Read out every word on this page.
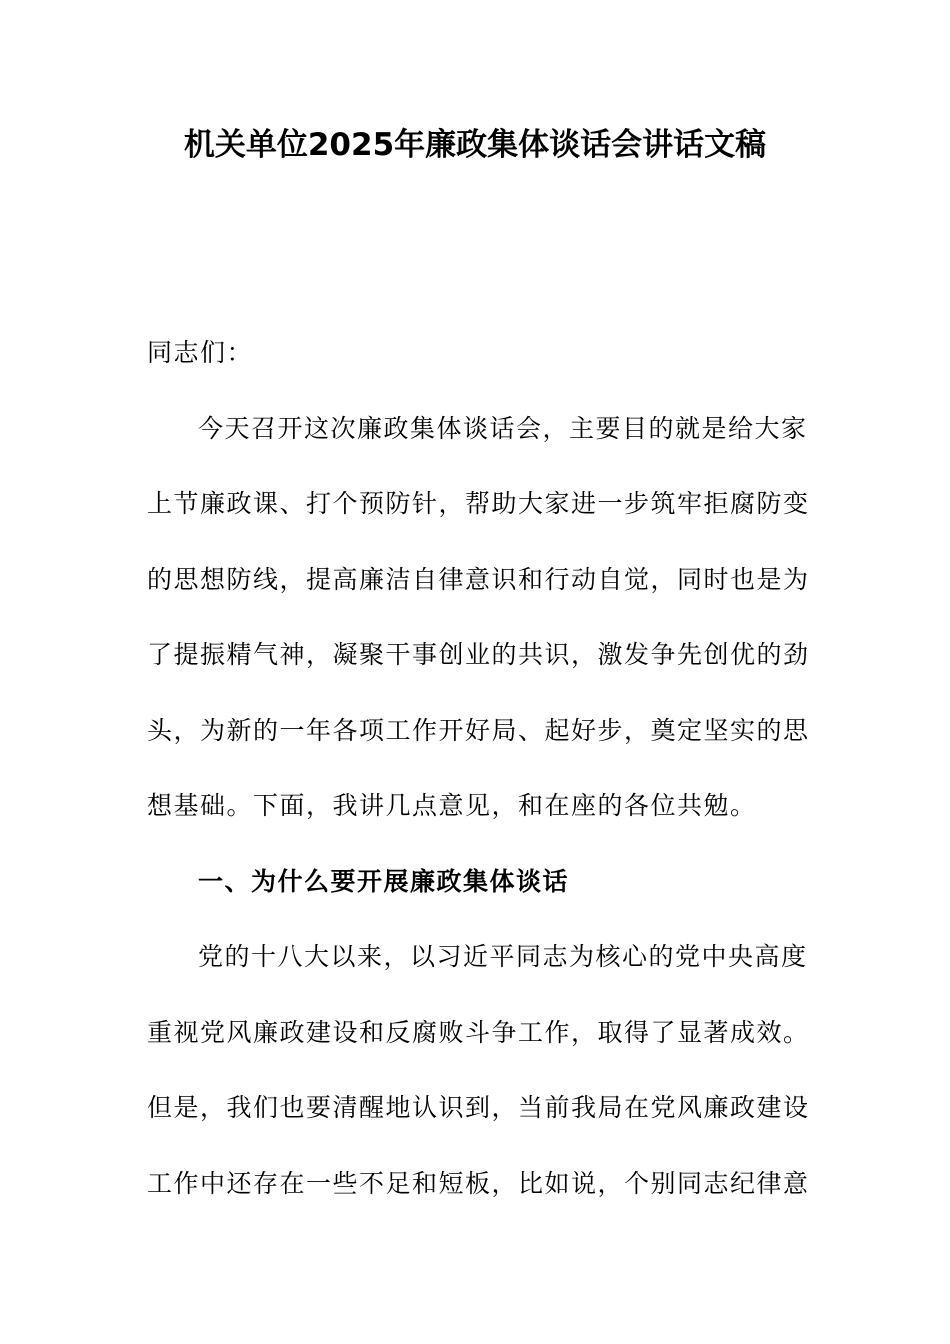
机关单位2025年廉政集体谈话会讲话文稿
同志们：
今天召开这次廉政集体谈话会，主要目的就是给大家
上节廉政课、打个预防针，帮助大家进一步筑牢拒腐防变
的思想防线，提高廉洁自律意识和行动自觉，同时也是为
了提振精气神，凝聚干事创业的共识，激发争先创优的劲
头，为新的一年各项工作开好局、起好步，奠定坚实的思
想基础。下面，我讲几点意见，和在座的各位共勉。
一、为什么要开展廉政集体谈话
党的十八大以来，以习近平同志为核心的党中央高度
重视党风廉政建设和反腐败斗争工作，取得了显著成效。
但是，我们也要清醒地认识到，当前我局在党风廉政建设
工作中还存在一些不足和短板，比如说，个别同志纪律意
